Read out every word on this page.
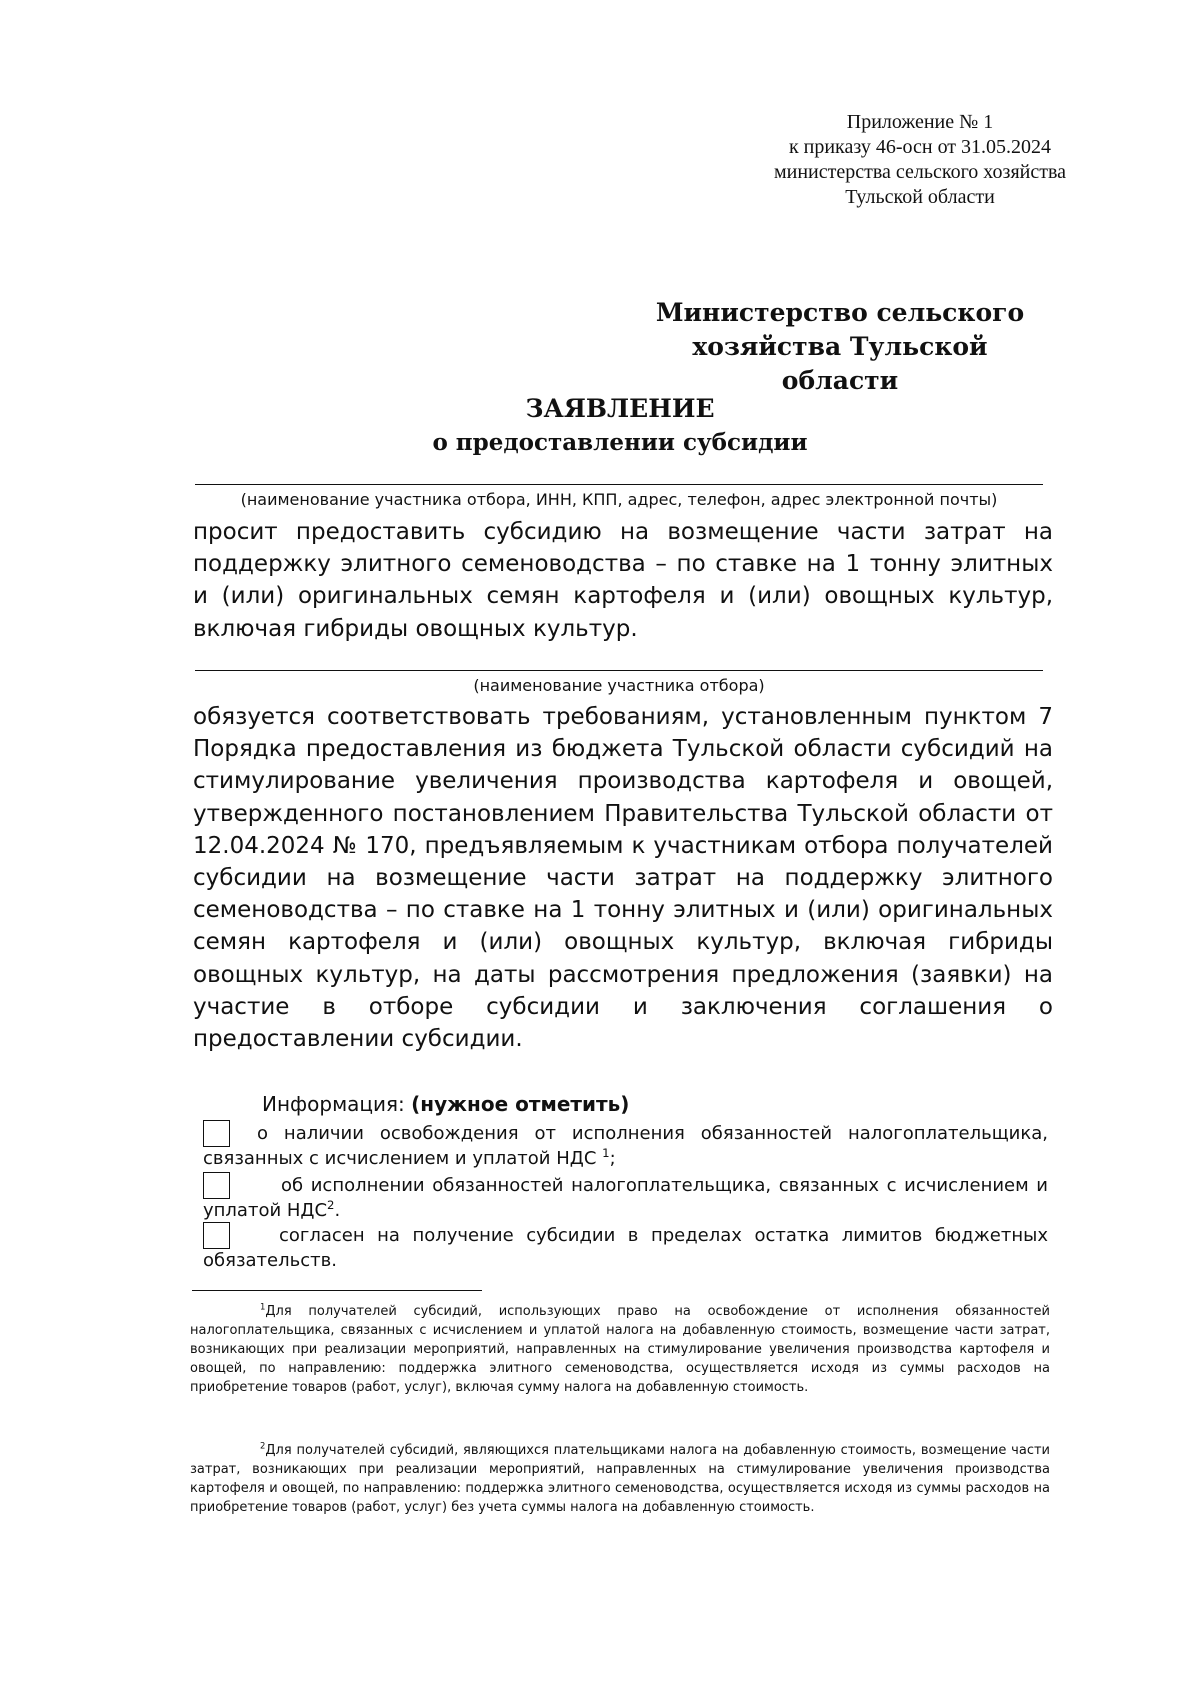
Приложение № 1
к приказу 46-осн от 31.05.2024
министерства сельского хозяйства
Тульской области
Министерство сельского
хозяйства Тульской области
ЗАЯВЛЕНИЕ
о предоставлении субсидии
(наименование участника отбора, ИНН, КПП, адрес, телефон, адрес электронной почты)
просит предоставить субсидию на возмещение части затрат на поддержку элитного семеноводства – по ставке на 1 тонну элитных и (или) оригинальных семян картофеля и (или) овощных культур, включая гибриды овощных культур.
(наименование участника отбора)
обязуется соответствовать требованиям, установленным пунктом 7 Порядка предоставления из бюджета Тульской области субсидий на стимулирование увеличения производства картофеля и овощей, утвержденного постановлением Правительства Тульской области от 12.04.2024 № 170, предъявляемым к участникам отбора получателей субсидии на возмещение части затрат на поддержку элитного семеноводства – по ставке на 1 тонну элитных и (или) оригинальных семян картофеля и (или) овощных культур, включая гибриды овощных культур, на даты рассмотрения предложения (заявки) на участие в отборе субсидии и заключения соглашения о предоставлении субсидии.
Информация: (нужное отметить)
о наличии освобождения от исполнения обязанностей налогоплательщика, связанных с исчислением и уплатой НДС $^1$;
об исполнении обязанностей налогоплательщика, связанных с исчислением и уплатой НДС$^2$.
согласен на получение субсидии в пределах остатка лимитов бюджетных обязательств.
$^1$Для получателей субсидий, использующих право на освобождение от исполнения обязанностей налогоплательщика, связанных с исчислением и уплатой налога на добавленную стоимость, возмещение части затрат, возникающих при реализации мероприятий, направленных на стимулирование увеличения производства картофеля и овощей, по направлению: поддержка элитного семеноводства, осуществляется исходя из суммы расходов на приобретение товаров (работ, услуг), включая сумму налога на добавленную стоимость.
$^2$Для получателей субсидий, являющихся плательщиками налога на добавленную стоимость, возмещение части затрат, возникающих при реализации мероприятий, направленных на стимулирование увеличения производства картофеля и овощей, по направлению: поддержка элитного семеноводства, осуществляется исходя из суммы расходов на приобретение товаров (работ, услуг) без учета суммы налога на добавленную стоимость.
